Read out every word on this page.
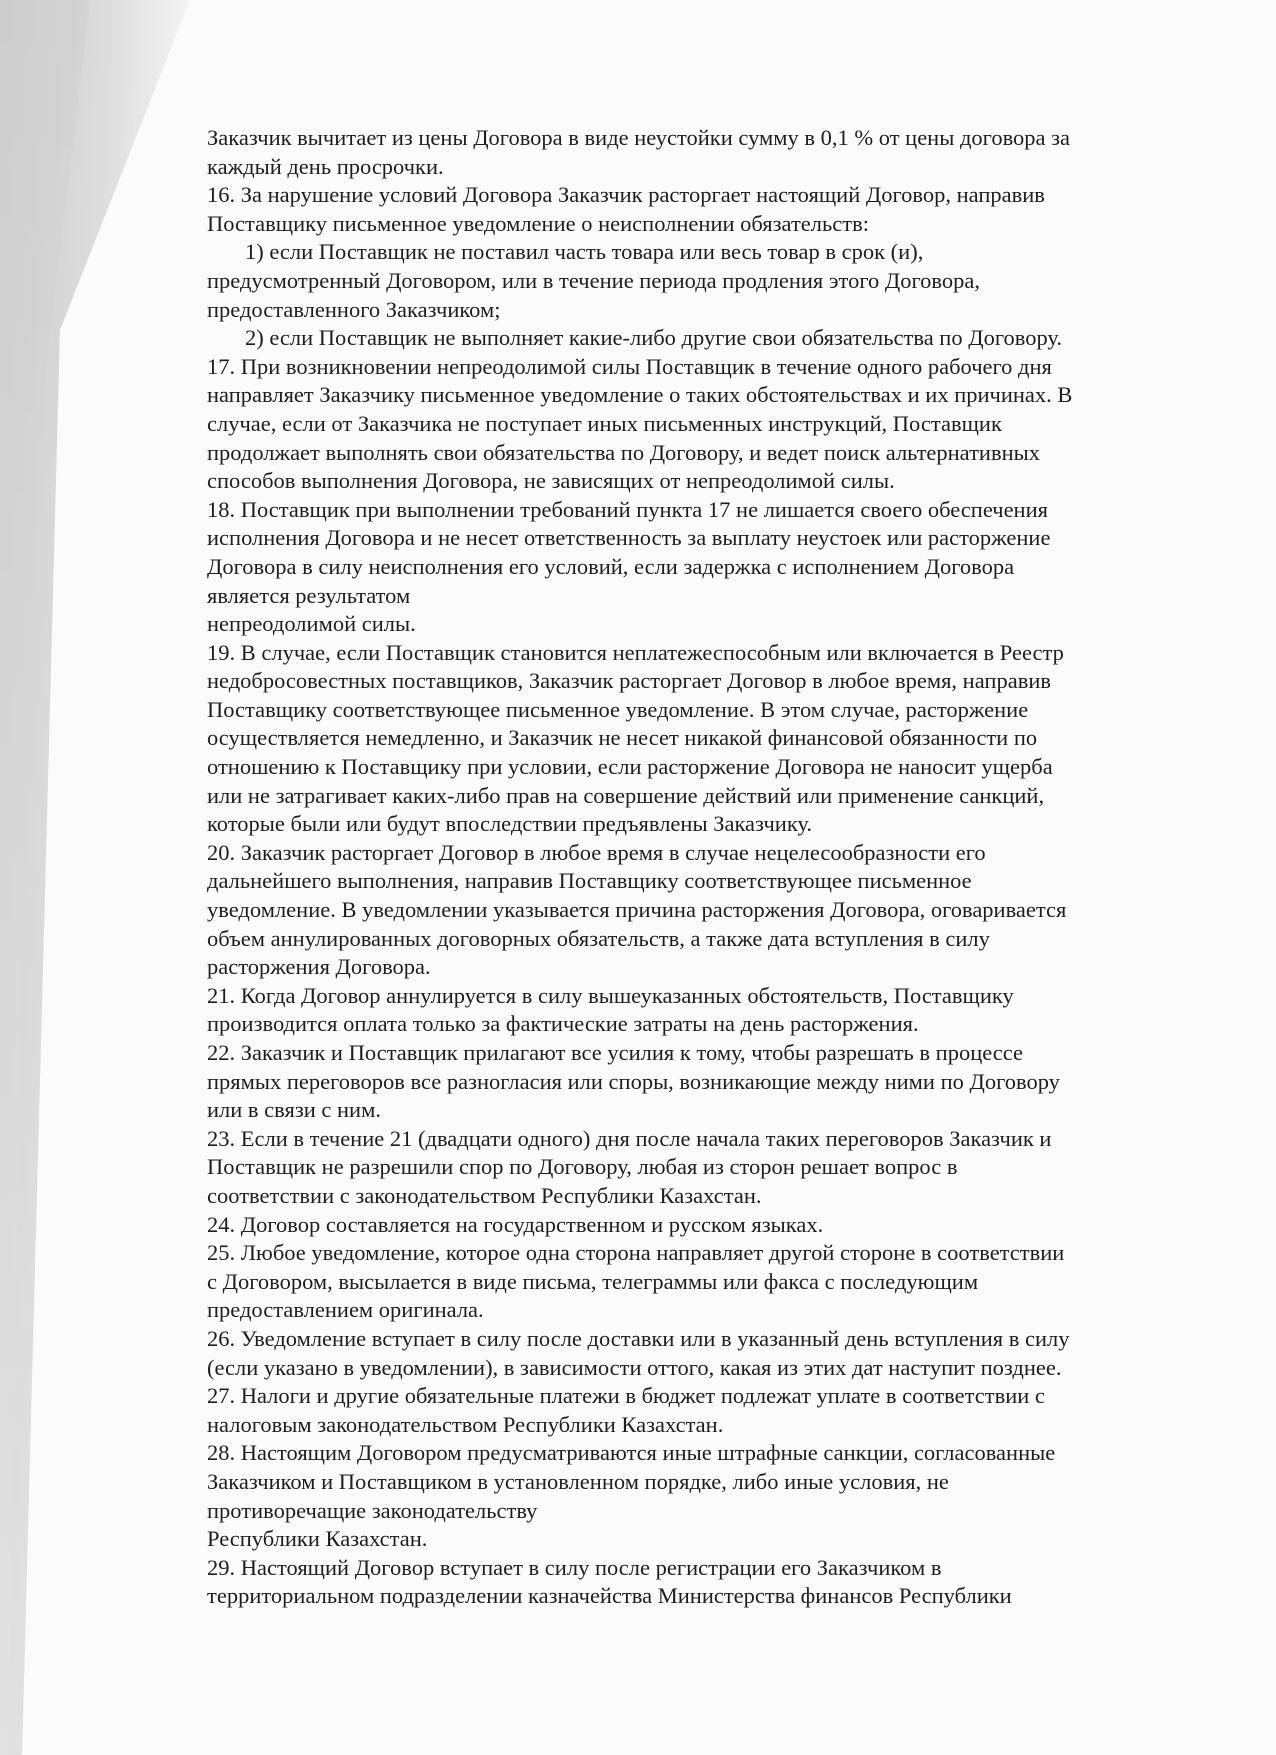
Заказчик вычитает из цены Договора в виде неустойки сумму в 0,1 % от цены договора за
каждый день просрочки.
16. За нарушение условий Договора Заказчик расторгает настоящий Договор, направив
Поставщику письменное уведомление о неисполнении обязательств:
1) если Поставщик не поставил часть товара или весь товар в срок (и),
предусмотренный Договором, или в течение периода продления этого Договора,
предоставленного Заказчиком;
2) если Поставщик не выполняет какие-либо другие свои обязательства по Договору.
17. При возникновении непреодолимой силы Поставщик в течение одного рабочего дня
направляет Заказчику письменное уведомление о таких обстоятельствах и их причинах. В
случае, если от Заказчика не поступает иных письменных инструкций, Поставщик
продолжает выполнять свои обязательства по Договору, и ведет поиск альтернативных
способов выполнения Договора, не зависящих от непреодолимой силы.
18. Поставщик при выполнении требований пункта 17 не лишается своего обеспечения
исполнения Договора и не несет ответственность за выплату неустоек или расторжение
Договора в силу неисполнения его условий, если задержка с исполнением Договора
является результатом
непреодолимой силы.
19. В случае, если Поставщик становится неплатежеспособным или включается в Реестр
недобросовестных поставщиков, Заказчик расторгает Договор в любое время, направив
Поставщику соответствующее письменное уведомление. В этом случае, расторжение
осуществляется немедленно, и Заказчик не несет никакой финансовой обязанности по
отношению к Поставщику при условии, если расторжение Договора не наносит ущерба
или не затрагивает каких-либо прав на совершение действий или применение санкций,
которые были или будут впоследствии предъявлены Заказчику.
20. Заказчик расторгает Договор в любое время в случае нецелесообразности его
дальнейшего выполнения, направив Поставщику соответствующее письменное
уведомление. В уведомлении указывается причина расторжения Договора, оговаривается
объем аннулированных договорных обязательств, а также дата вступления в силу
расторжения Договора.
21. Когда Договор аннулируется в силу вышеуказанных обстоятельств, Поставщику
производится оплата только за фактические затраты на день расторжения.
22. Заказчик и Поставщик прилагают все усилия к тому, чтобы разрешать в процессе
прямых переговоров все разногласия или споры, возникающие между ними по Договору
или в связи с ним.
23. Если в течение 21 (двадцати одного) дня после начала таких переговоров Заказчик и
Поставщик не разрешили спор по Договору, любая из сторон решает вопрос в
соответствии с законодательством Республики Казахстан.
24. Договор составляется на государственном и русском языках.
25. Любое уведомление, которое одна сторона направляет другой стороне в соответствии
с Договором, высылается в виде письма, телеграммы или факса с последующим
предоставлением оригинала.
26. Уведомление вступает в силу после доставки или в указанный день вступления в силу
(если указано в уведомлении), в зависимости оттого, какая из этих дат наступит позднее.
27. Налоги и другие обязательные платежи в бюджет подлежат уплате в соответствии с
налоговым законодательством Республики Казахстан.
28. Настоящим Договором предусматриваются иные штрафные санкции, согласованные
Заказчиком и Поставщиком в установленном порядке, либо иные условия, не
противоречащие законодательству
Республики Казахстан.
29. Настоящий Договор вступает в силу после регистрации его Заказчиком в
территориальном подразделении казначейства Министерства финансов Республики
